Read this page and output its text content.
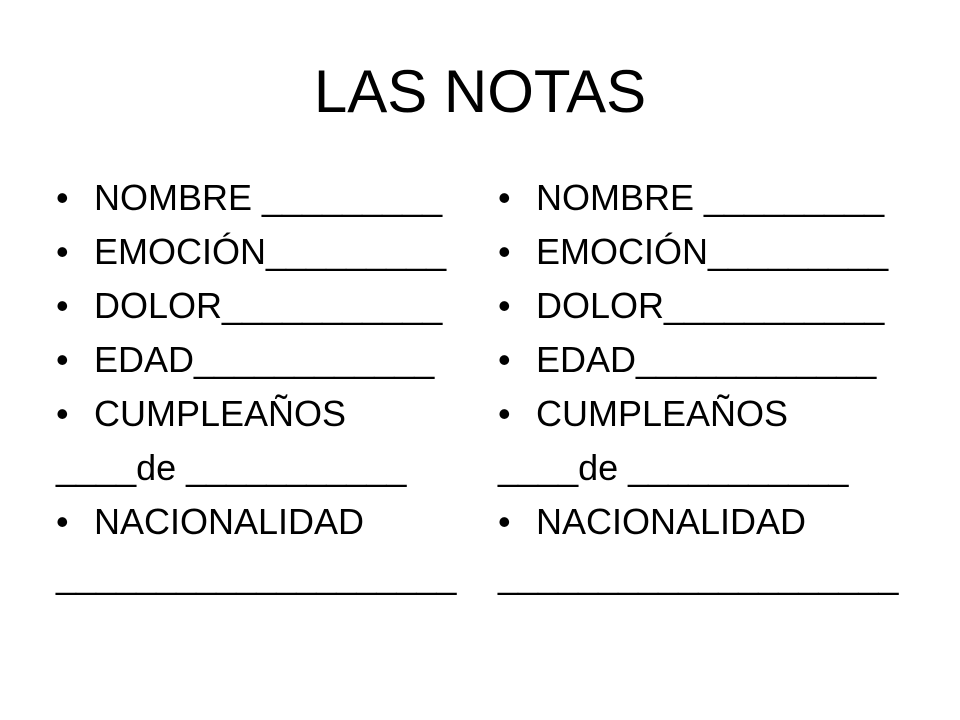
LAS NOTAS
• NOMBRE _________
• EMOCIÓN_________
• DOLOR___________
• EDAD____________
• CUMPLEAÑOS
____de ___________
• NACIONALIDAD
____________________
• NOMBRE _________
• EMOCIÓN_________
• DOLOR___________
• EDAD____________
• CUMPLEAÑOS
____de ___________
• NACIONALIDAD
____________________
